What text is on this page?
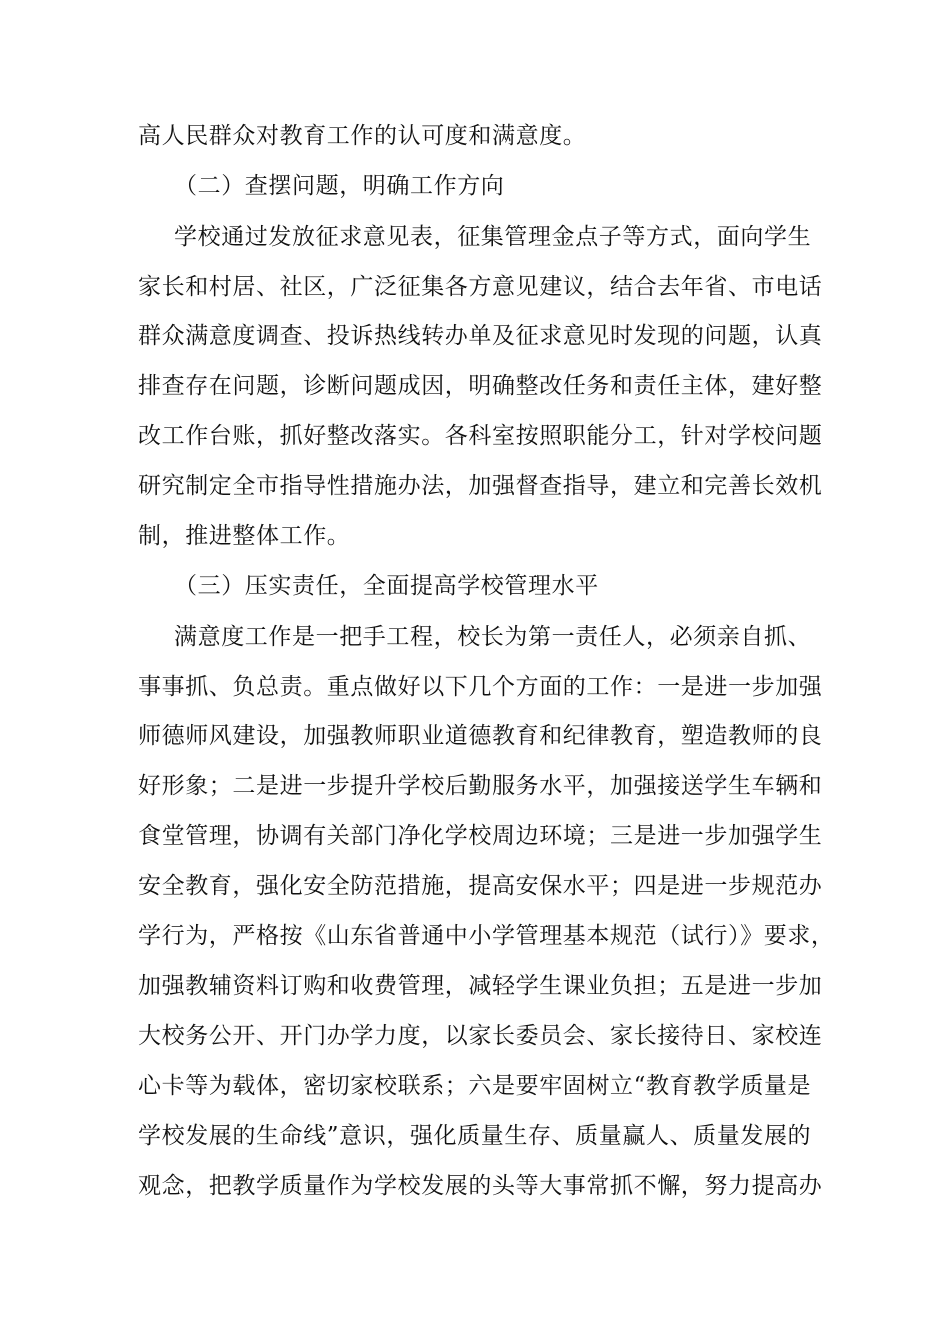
高人民群众对教育工作的认可度和满意度。
（二）查摆问题，明确工作方向
学校通过发放征求意见表，征集管理金点子等方式，面向学生
家长和村居、社区，广泛征集各方意见建议，结合去年省、市电话
群众满意度调查、投诉热线转办单及征求意见时发现的问题，认真
排查存在问题，诊断问题成因，明确整改任务和责任主体，建好整
改工作台账，抓好整改落实。各科室按照职能分工，针对学校问题
研究制定全市指导性措施办法，加强督查指导，建立和完善长效机
制，推进整体工作。
（三）压实责任，全面提高学校管理水平
满意度工作是一把手工程，校长为第一责任人，必须亲自抓、
事事抓、负总责。重点做好以下几个方面的工作：一是进一步加强
师德师风建设，加强教师职业道德教育和纪律教育，塑造教师的良
好形象；二是进一步提升学校后勤服务水平，加强接送学生车辆和
食堂管理，协调有关部门净化学校周边环境；三是进一步加强学生
安全教育，强化安全防范措施，提高安保水平；四是进一步规范办
学行为，严格按《山东省普通中小学管理基本规范（试行）》要求，
加强教辅资料订购和收费管理，减轻学生课业负担；五是进一步加
大校务公开、开门办学力度，以家长委员会、家长接待日、家校连
心卡等为载体，密切家校联系；六是要牢固树立“教育教学质量是
学校发展的生命线”意识，强化质量生存、质量赢人、质量发展的
观念，把教学质量作为学校发展的头等大事常抓不懈，努力提高办
